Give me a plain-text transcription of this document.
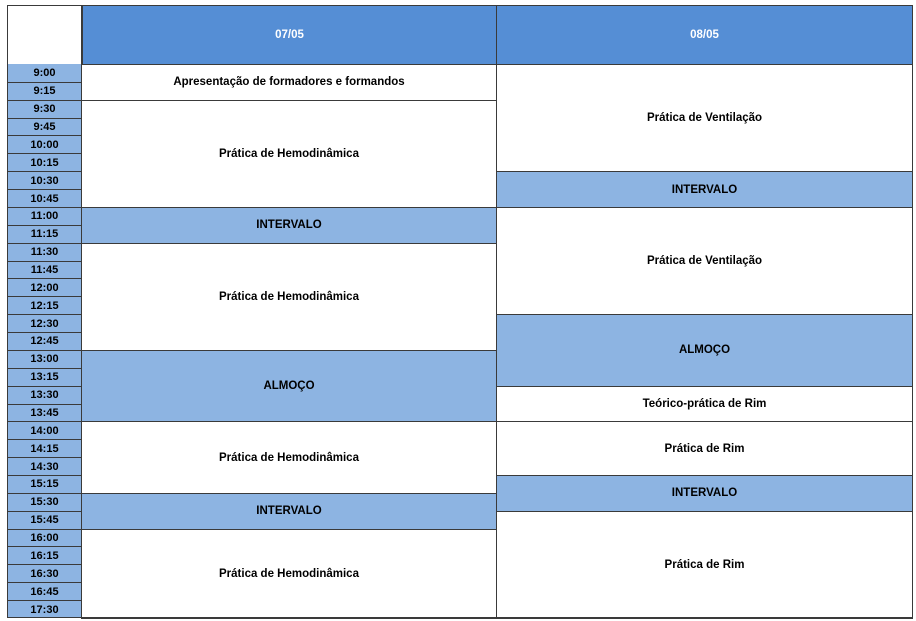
07/05	08/05
9:00
9:15
9:30
9:45
10:00
10:15
10:30
10:45
11:00
11:15
11:30
11:45
12:00
12:15
12:30
12:45
13:00
13:15
13:30
13:45
14:00
14:15
14:30
15:15
15:30
15:45
16:00
16:15
16:30
16:45
17:30
Apresentação de formadores e formandos
Prática de Hemodinâmica
INTERVALO
Prática de Hemodinâmica
ALMOÇO
Prática de Hemodinâmica
INTERVALO
Prática de Hemodinâmica
Prática de Ventilação
INTERVALO
Prática de Ventilação
ALMOÇO
Teórico-prática de Rim
Prática de Rim
INTERVALO
Prática de Rim
